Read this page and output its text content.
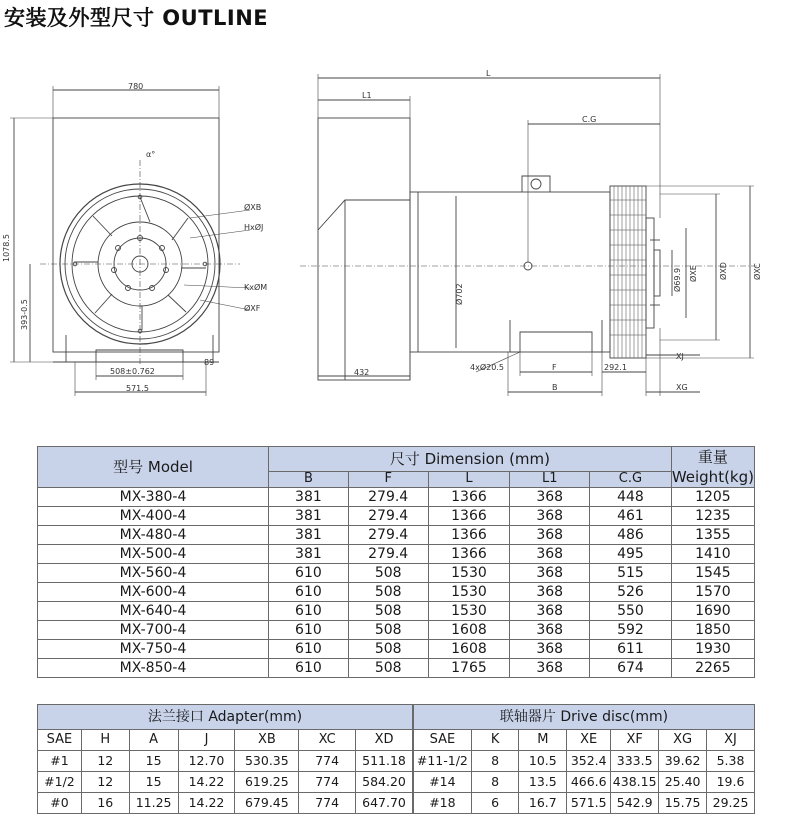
安装及外型尺寸 OUTLINE
780
1078.5
393-0.5
508±0.762
571.5
89
α°
ØXB
HxØJ
KxØM
ØXF
L
L1
C.G
Ø702
432
4xØ20.5	F
B
292.1
XJ
XG
ØXE	ØXD	ØXC
Ø69.9
型号 Model	尺寸 Dimension (mm)					重量
Weight(kg)

	B	F	L	L1	C.G	
MX-380-4	381	279.4	1366	368	448	1205
MX-400-4	381	279.4	1366	368	461	1235
MX-480-4	381	279.4	1366	368	486	1355
MX-500-4	381	279.4	1366	368	495	1410
MX-560-4	610	508	1530	368	515	1545
MX-600-4	610	508	1530	368	526	1570
MX-640-4	610	508	1530	368	550	1690
MX-700-4	610	508	1608	368	592	1850
MX-750-4	610	508	1608	368	611	1930
MX-850-4	610	508	1765	368	674	2265
法兰接口 Adapter(mm)						
SAE	H	A	J	XB	XC	XD
#1	12	15	12.70	530.35	774	511.18
#1/2	12	15	14.22	619.25	774	584.20
#0	16	11.25	14.22	679.45	774	647.70
联轴器片 Drive disc(mm)						
SAE	K	M	XE	XF	XG	XJ
#11-1/2	8	10.5	352.4	333.5	39.62	5.38
#14	8	13.5	466.6	438.15	25.40	19.6
#18	6	16.7	571.5	542.9	15.75	29.25
